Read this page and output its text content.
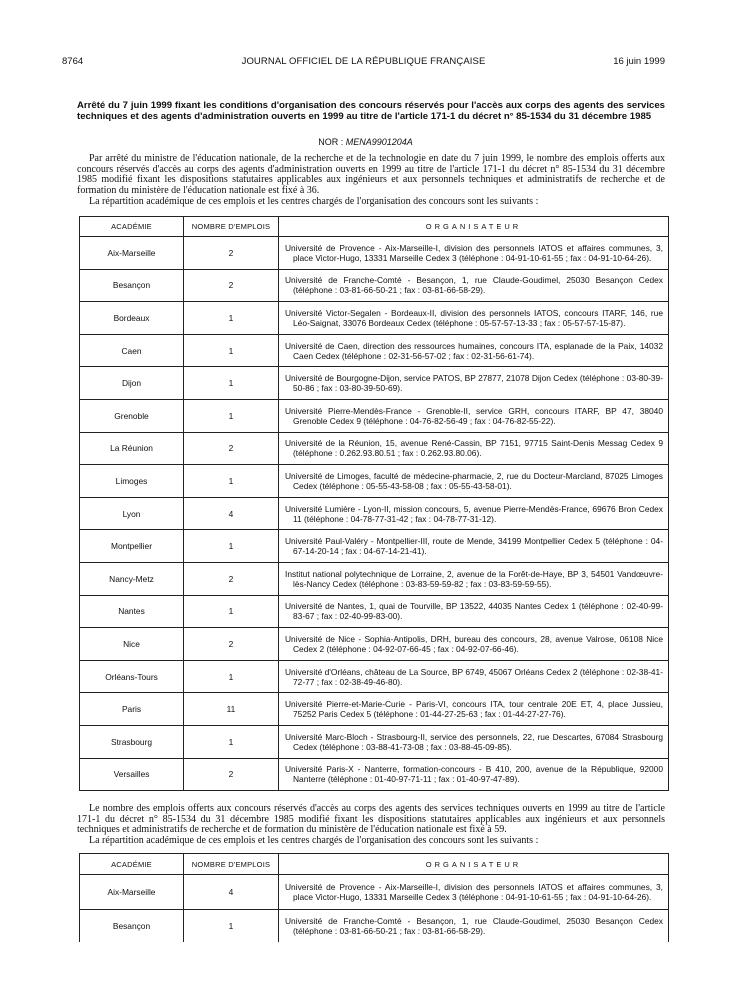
8764	JOURNAL OFFICIEL DE LA RÉPUBLIQUE FRANÇAISE	16 juin 1999
Arrêté du 7 juin 1999 fixant les conditions d'organisation des concours réservés pour l'accès aux corps des agents des services techniques et des agents d'administration ouverts en 1999 au titre de l'article 171-1 du décret n° 85-1534 du 31 décembre 1985
NOR : MENA9901204A

Par arrêté du ministre de l'éducation nationale, de la recherche et de la technologie en date du 7 juin 1999, le nombre des emplois offerts aux concours réservés d'accès au corps des agents d'administration ouverts en 1999 au titre de l'article 171-1 du décret n° 85-1534 du 31 décembre 1985 modifié fixant les dispositions statutaires applicables aux ingénieurs et aux personnels techniques et administratifs de recherche et de formation du ministère de l'éducation nationale est fixé à 36.

La répartition académique de ces emplois et les centres chargés de l'organisation des concours sont les suivants :

ACADÉMIE	NOMBRE D'EMPLOIS	ORGANISATEUR

Aix-Marseille	2	Université de Provence - Aix-Marseille-I, division des personnels IATOS et affaires communes, 3, place Victor-Hugo, 13331 Marseille Cedex 3 (téléphone : 04-91-10-61-55 ; fax : 04-91-10-64-26).

Besançon	2	Université de Franche-Comté - Besançon, 1, rue Claude-Goudimel, 25030 Besançon Cedex (téléphone : 03-81-66-50-21 ; fax : 03-81-66-58-29).

Bordeaux	1	Université Victor-Segalen - Bordeaux-II, division des personnels IATOS, concours ITARF, 146, rue Léo-Saignat, 33076 Bordeaux Cedex (téléphone : 05-57-57-13-33 ; fax : 05-57-57-15-87).

Caen	1	Université de Caen, direction des ressources humaines, concours ITA, esplanade de la Paix, 14032 Caen Cedex (téléphone : 02-31-56-57-02 ; fax : 02-31-56-61-74).

Dijon	1	Université de Bourgogne-Dijon, service PATOS, BP 27877, 21078 Dijon Cedex (téléphone : 03-80-39-50-86 ; fax : 03-80-39-50-69).

Grenoble	1	Université Pierre-Mendès-France - Grenoble-II, service GRH, concours ITARF, BP 47, 38040 Grenoble Cedex 9 (téléphone : 04-76-82-56-49 ; fax : 04-76-82-55-22).

La Réunion	2	Université de la Réunion, 15, avenue René-Cassin, BP 7151, 97715 Saint-Denis Messag Cedex 9 (téléphone : 0.262.93.80.51 ; fax : 0.262.93.80.06).

Limoges	1	Université de Limoges, faculté de médecine-pharmacie, 2, rue du Docteur-Marcland, 87025 Limoges Cedex (téléphone : 05-55-43-58-08 ; fax : 05-55-43-58-01).

Lyon	4	Université Lumière - Lyon-II, mission concours, 5, avenue Pierre-Mendès-France, 69676 Bron Cedex 11 (téléphone : 04-78-77-31-42 ; fax : 04-78-77-31-12).

Montpellier	1	Université Paul-Valéry - Montpellier-III, route de Mende, 34199 Montpellier Cedex 5 (téléphone : 04-67-14-20-14 ; fax : 04-67-14-21-41).

Nancy-Metz	2	Institut national polytechnique de Lorraine, 2, avenue de la Forêt-de-Haye, BP 3, 54501 Vandœuvre-lès-Nancy Cedex (téléphone : 03-83-59-59-82 ; fax : 03-83-59-59-55).

Nantes	1	Université de Nantes, 1, quai de Tourville, BP 13522, 44035 Nantes Cedex 1 (téléphone : 02-40-99-83-67 ; fax : 02-40-99-83-00).

Nice	2	Université de Nice - Sophia-Antipolis, DRH, bureau des concours, 28, avenue Valrose, 06108 Nice Cedex 2 (téléphone : 04-92-07-66-45 ; fax : 04-92-07-66-46).

Orléans-Tours	1	Université d'Orléans, château de La Source, BP 6749, 45067 Orléans Cedex 2 (téléphone : 02-38-41-72-77 ; fax : 02-38-49-46-80).

Paris	11	Université Pierre-et-Marie-Curie - Paris-VI, concours ITA, tour centrale 20E ET, 4, place Jussieu, 75252 Paris Cedex 5 (téléphone : 01-44-27-25-63 ; fax : 01-44-27-27-76).

Strasbourg	1	Université Marc-Bloch - Strasbourg-II, service des personnels, 22, rue Descartes, 67084 Strasbourg Cedex (téléphone : 03-88-41-73-08 ; fax : 03-88-45-09-85).

Versailles	2	Université Paris-X - Nanterre, formation-concours - B 410, 200, avenue de la République, 92000 Nanterre (téléphone : 01-40-97-71-11 ; fax : 01-40-97-47-89).

Le nombre des emplois offerts aux concours réservés d'accès au corps des agents des services techniques ouverts en 1999 au titre de l'article 171-1 du décret n° 85-1534 du 31 décembre 1985 modifié fixant les dispositions statutaires applicables aux ingénieurs et aux personnels techniques et administratifs de recherche et de formation du ministère de l'éducation nationale est fixé à 59.

La répartition académique de ces emplois et les centres chargés de l'organisation des concours sont les suivants :

ACADÉMIE	NOMBRE D'EMPLOIS	ORGANISATEUR

Aix-Marseille	4	Université de Provence - Aix-Marseille-I, division des personnels IATOS et affaires communes, 3, place Victor-Hugo, 13331 Marseille Cedex 3 (téléphone : 04-91-10-61-55 ; fax : 04-91-10-64-26).

Besançon	1	Université de Franche-Comté - Besançon, 1, rue Claude-Goudimel, 25030 Besançon Cedex (téléphone : 03-81-66-50-21 ; fax : 03-81-66-58-29).
